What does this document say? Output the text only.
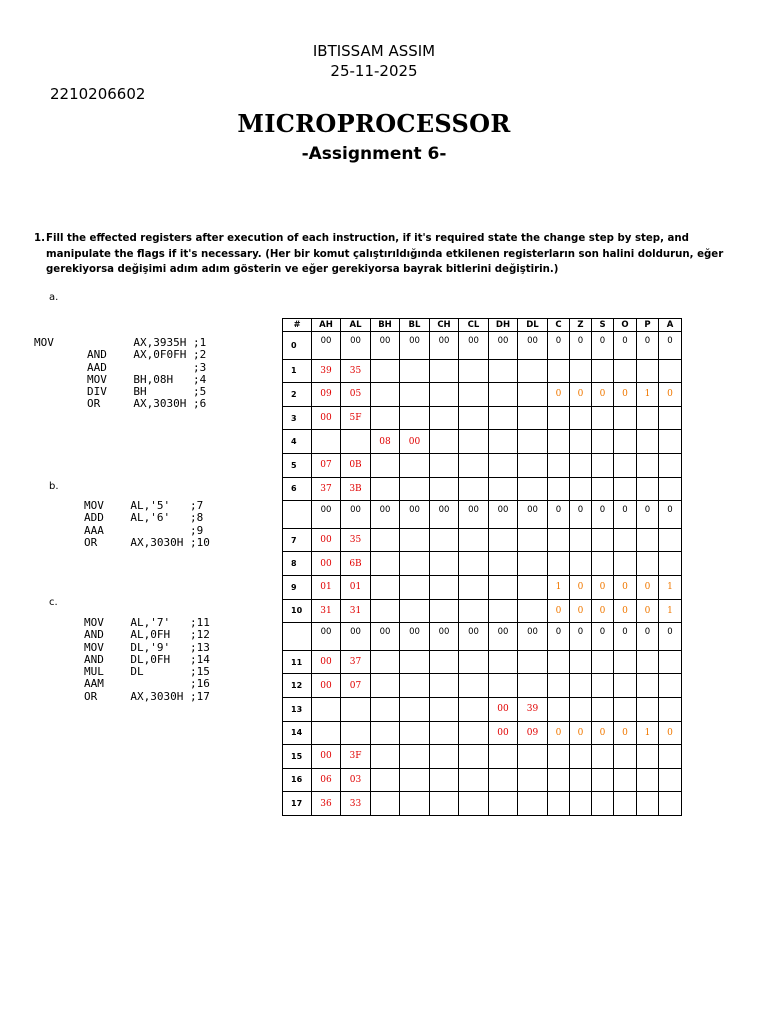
IBTISSAM ASSIM
25-11-2025
2210206602
MICROPROCESSOR
-Assignment 6-
1. Fill the effected registers after execution of each instruction, if it's required state the change step by step, and manipulate the flags if it's necessary. (Her bir komut çalıştırıldığında etkilenen registerların son halini doldurun, eğer gerekiyorsa değişimi adım adım gösterin ve eğer gerekiyorsa bayrak bitlerini değiştirin.)
a.
MOV            AX,3935H ;1
AND    AX,0F0FH ;2
AAD             ;3
MOV    BH,08H   ;4
DIV    BH       ;5
OR     AX,3030H ;6
b.
MOV    AL,'5'   ;7
ADD    AL,'6'   ;8
AAA             ;9
OR     AX,3030H ;10
c.
MOV    AL,'7'   ;11
AND    AL,0FH   ;12
MOV    DL,'9'   ;13
AND    DL,0FH   ;14
MUL    DL       ;15
AAM             ;16
OR     AX,3030H ;17
#	AH	AL	BH	BL	CH	CL	DH	DL	C	Z	S	O	P	A
0	00	00	00	00	00	00	00	00	0	0	0	0	0	0
1	39	35												
2	09	05							0	0	0	0	1	0
3	00	5F												
4			08	00										
5	07	0B												
6	37	3B												
	00	00	00	00	00	00	00	00	0	0	0	0	0	0
7	00	35												
8	00	6B												
9	01	01							1	0	0	0	0	1
10	31	31							0	0	0	0	0	1
	00	00	00	00	00	00	00	00	0	0	0	0	0	0
11	00	37												
12	00	07												
13							00	39						
14							00	09	0	0	0	0	1	0
15	00	3F												
16	06	03												
17	36	33												
